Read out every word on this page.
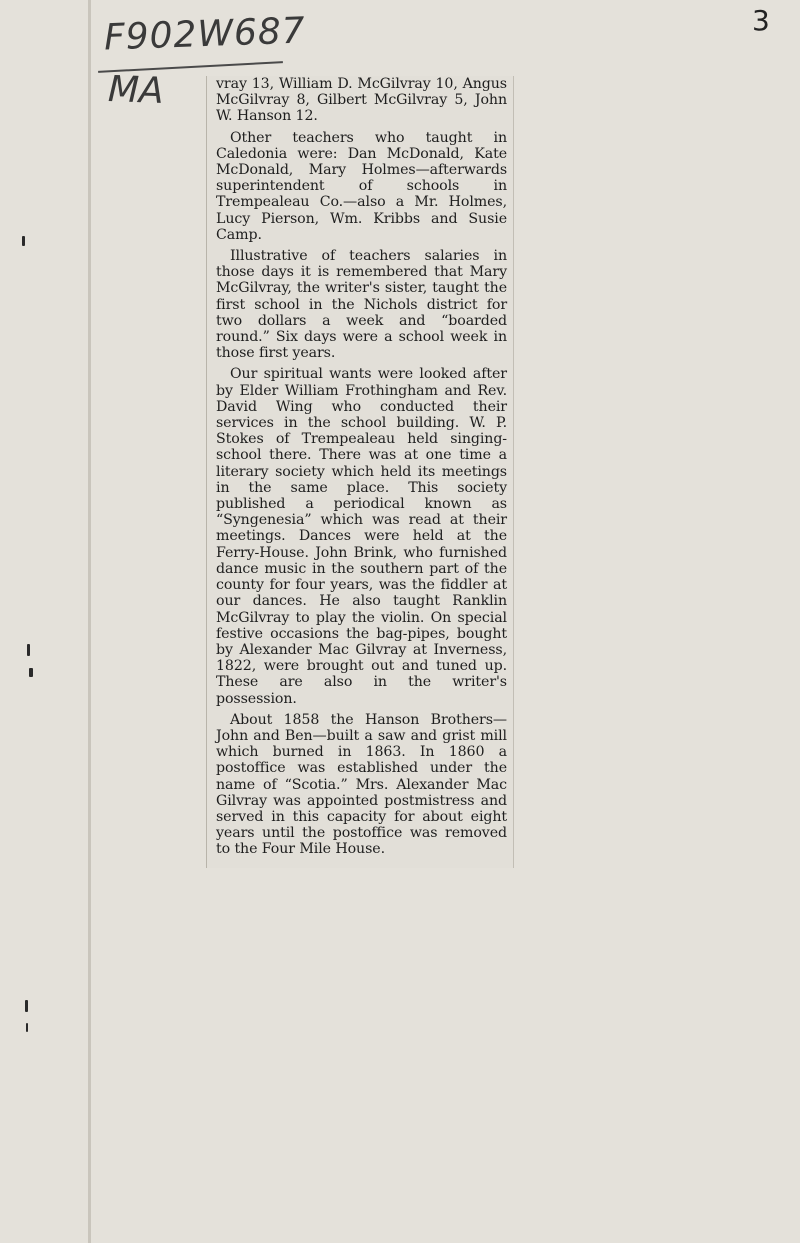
F902W687
MA
3

vray 13, William D. McGilvray 10, Angus McGilvray 8, Gilbert McGilvray 5, John W. Hanson 12.

Other teachers who taught in Caledonia were: Dan McDonald, Kate McDonald, Mary Holmes—afterwards superintendent of schools in Trempealeau Co.—also a Mr. Holmes, Lucy Pierson, Wm. Kribbs and Susie Camp.

Illustrative of teachers salaries in those days it is remembered that Mary McGilvray, the writer's sister, taught the first school in the Nichols district for two dollars a week and “boarded round.” Six days were a school week in those first years.

Our spiritual wants were looked after by Elder William Frothingham and Rev. David Wing who conducted their services in the school building. W. P. Stokes of Trempealeau held singing-school there. There was at one time a literary society which held its meetings in the same place. This society published a periodical known as “Syngenesia” which was read at their meetings. Dances were held at the Ferry-House. John Brink, who furnished dance music in the southern part of the county for four years, was the fiddler at our dances. He also taught Ranklin McGilvray to play the violin. On special festive occasions the bag-pipes, bought by Alexander Mac Gilvray at Inverness, 1822, were brought out and tuned up. These are also in the writer's possession.

About 1858 the Hanson Brothers—John and Ben—built a saw and grist mill which burned in 1863. In 1860 a postoffice was established under the name of “Scotia.” Mrs. Alexander Mac Gilvray was appointed postmistress and served in this capacity for about eight years until the postoffice was removed to the Four Mile House.
